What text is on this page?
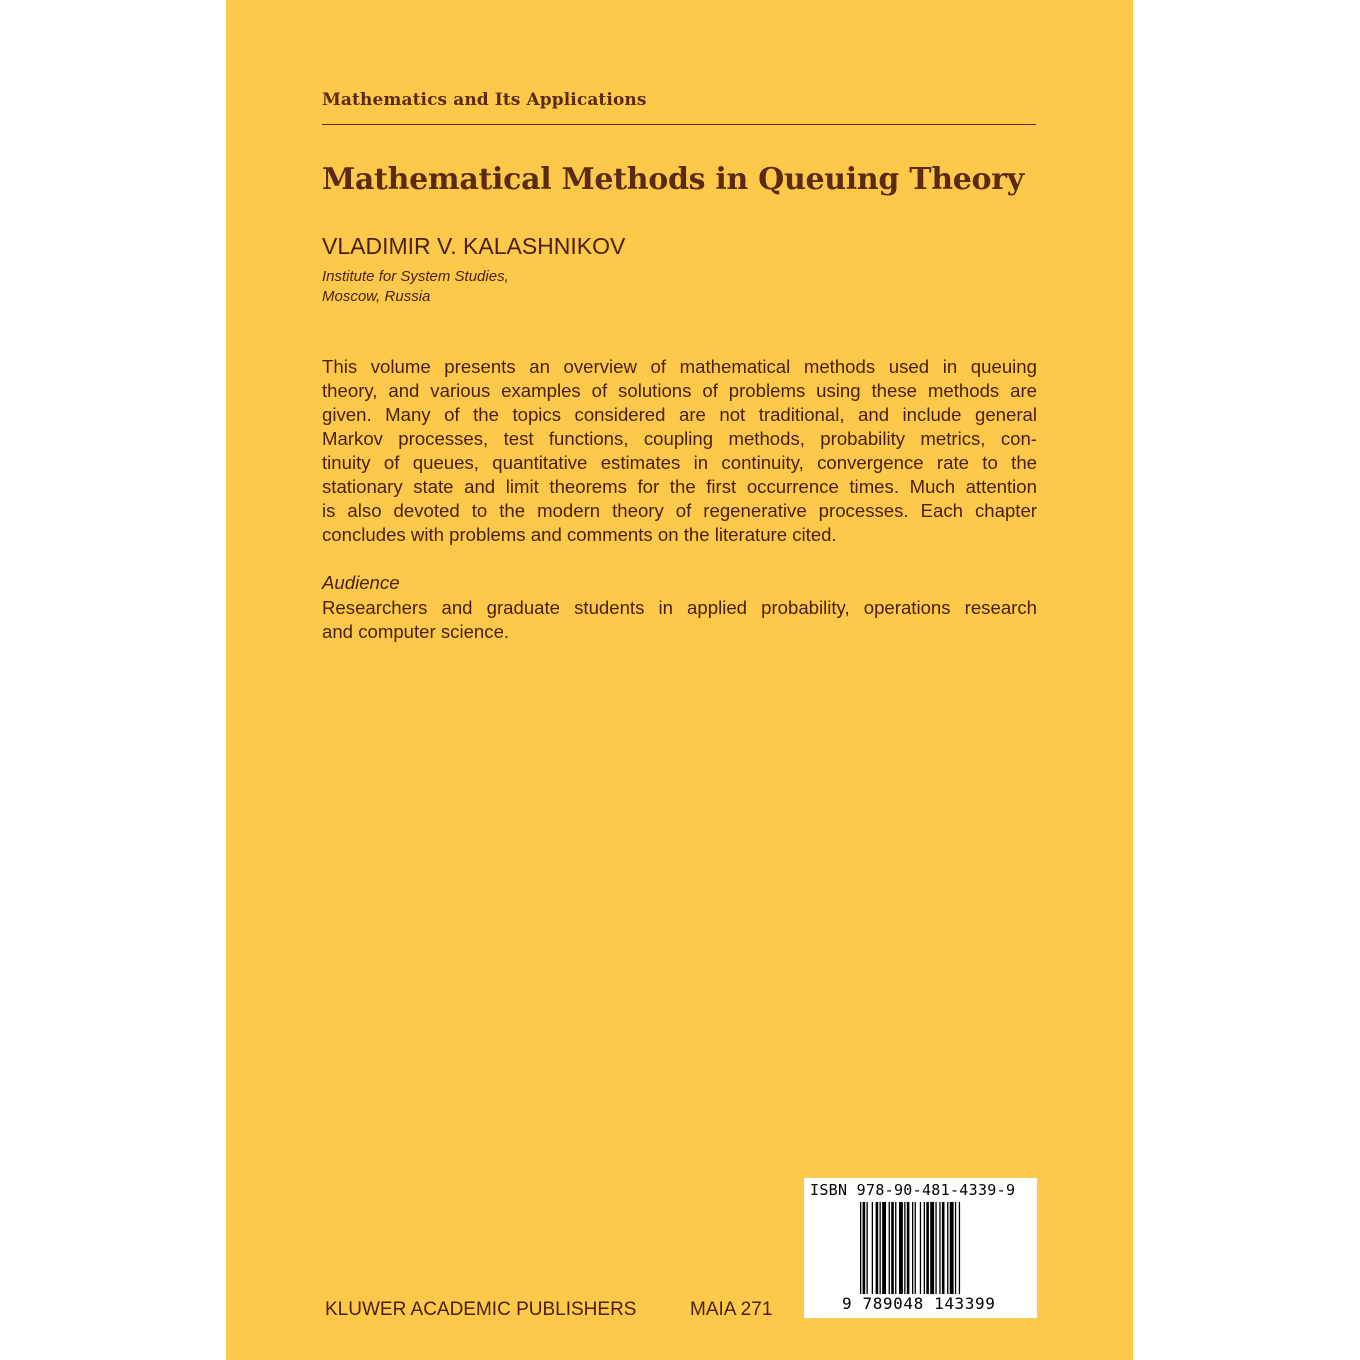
Mathematics and Its Applications
Mathematical Methods in Queuing Theory
VLADIMIR V. KALASHNIKOV
Institute for System Studies,
Moscow, Russia
This volume presents an overview of mathematical methods used in queuing
theory, and various examples of solutions of problems using these methods are
given. Many of the topics considered are not traditional, and include general
Markov processes, test functions, coupling methods, probability metrics, con-
tinuity of queues, quantitative estimates in continuity, convergence rate to the
stationary state and limit theorems for the first occurrence times. Much attention
is also devoted to the modern theory of regenerative processes. Each chapter
concludes with problems and comments on the literature cited.
Audience
Researchers and graduate students in applied probability, operations research
and computer science.
ISBN 978-90-481-4339-9
9 789048 143399
KLUWER ACADEMIC PUBLISHERS	MAIA 271
